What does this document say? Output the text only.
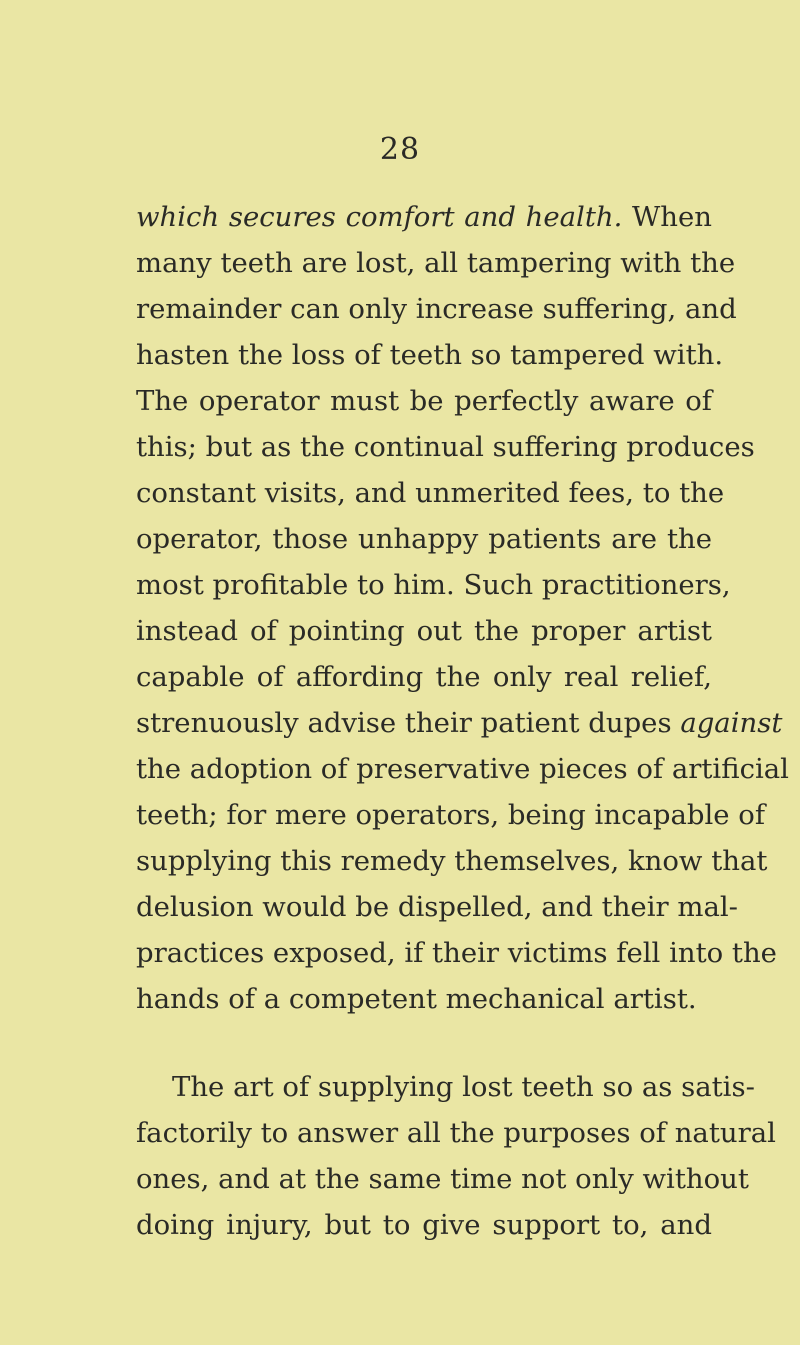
28
which secures comfort and health. When
many teeth are lost, all tampering with the
remainder can only increase suffering, and
hasten the loss of teeth so tampered with.
The operator must be perfectly aware of
this; but as the continual suffering produces
constant visits, and unmerited fees, to the
operator, those unhappy patients are the
most profitable to him. Such practitioners,
instead of pointing out the proper artist
capable of affording the only real relief,
strenuously advise their patient dupes against
the adoption of preservative pieces of artificial
teeth; for mere operators, being incapable of
supplying this remedy themselves, know that
delusion would be dispelled, and their mal-
practices exposed, if their victims fell into the
hands of a competent mechanical artist.
The art of supplying lost teeth so as satis-
factorily to answer all the purposes of natural
ones, and at the same time not only without
doing injury, but to give support to, and
